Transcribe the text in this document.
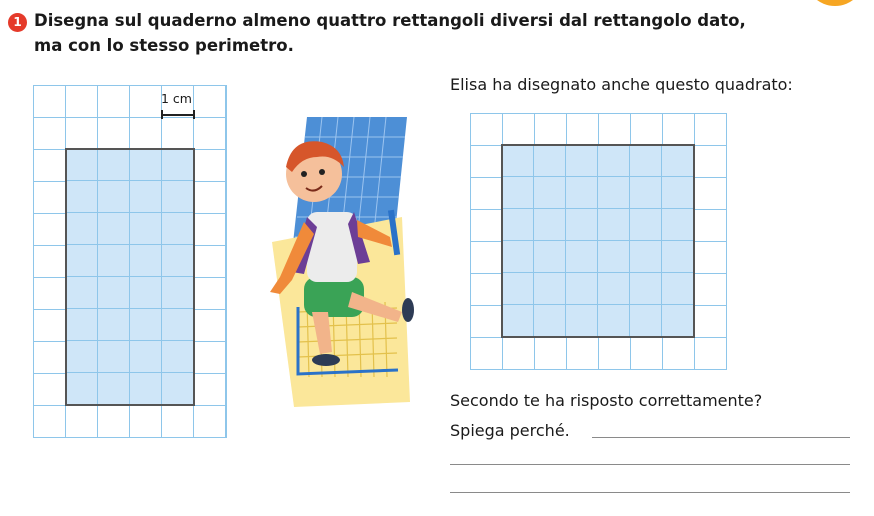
1 Disegna sul quaderno almeno quattro rettangoli diversi dal rettangolo dato,
ma con lo stesso perimetro.
1 cm
Elisa ha disegnato anche questo quadrato:
Secondo te ha risposto correttamente?
Spiega perché.
